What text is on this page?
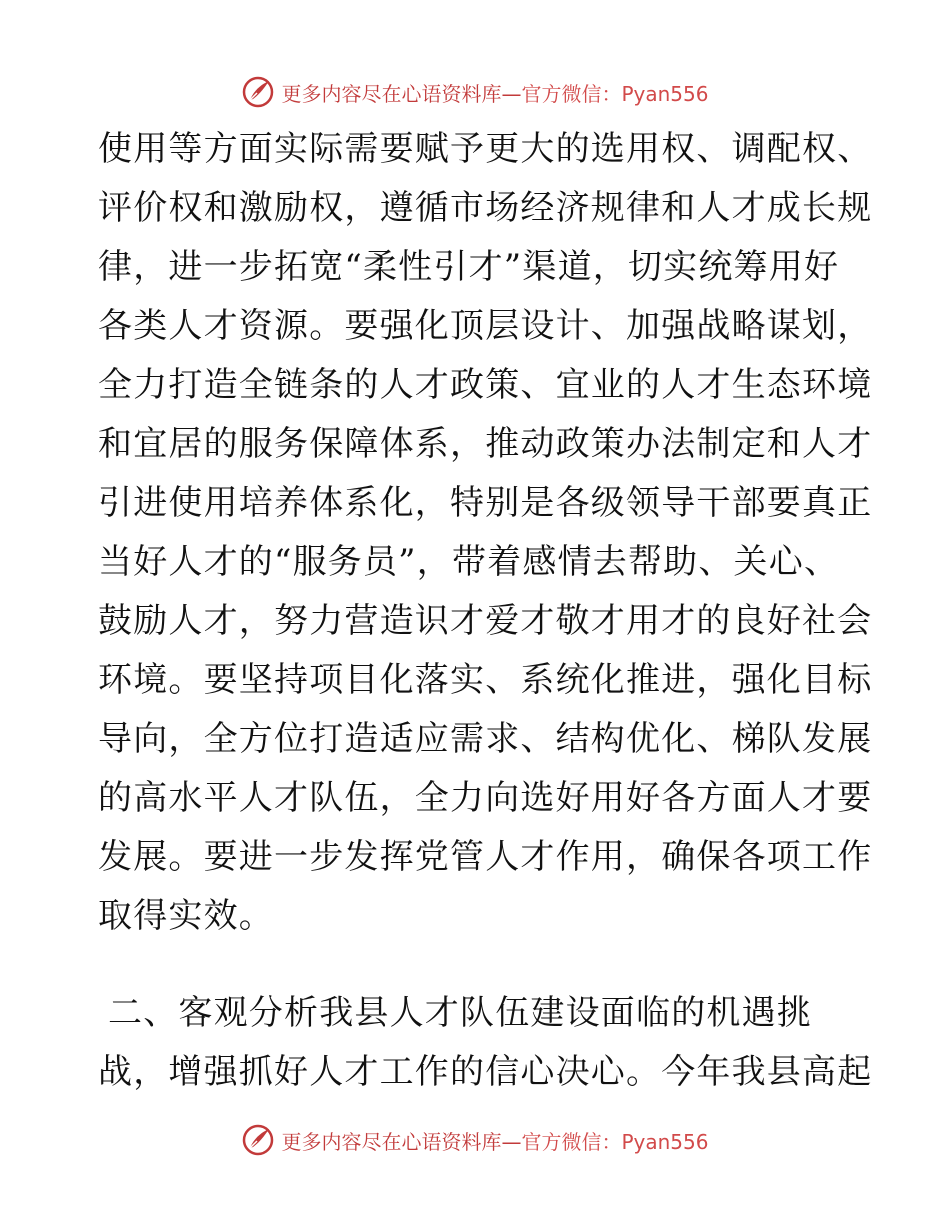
更多内容尽在心语资料库— 官方微信：Pyan556
使用等方面实际需要赋予更大的选用权、调配权、
评价权和激励权，遵循市场经济规律和人才成长规
律，进一步拓宽“柔性引才”渠道，切实统筹用好
各类人才资源。要强化顶层设计、加强战略谋划，
全力打造全链条的人才政策、宜业的人才生态环境
和宜居的服务保障体系，推动政策办法制定和人才
引进使用培养体系化，特别是各级领导干部要真正
当好人才的“服务员”，带着感情去帮助、关心、
鼓励人才，努力营造识才爱才敬才用才的良好社会
环境。要坚持项目化落实、系统化推进，强化目标
导向，全方位打造适应需求、结构优化、梯队发展
的高水平人才队伍，全力向选好用好各方面人才要
发展。要进一步发挥党管人才作用，确保各项工作
取得实效。
二、客观分析我县人才队伍建设面临的机遇挑
战，增强抓好人才工作的信心决心。今年我县高起
更多内容尽在心语资料库— 官方微信：Pyan556
